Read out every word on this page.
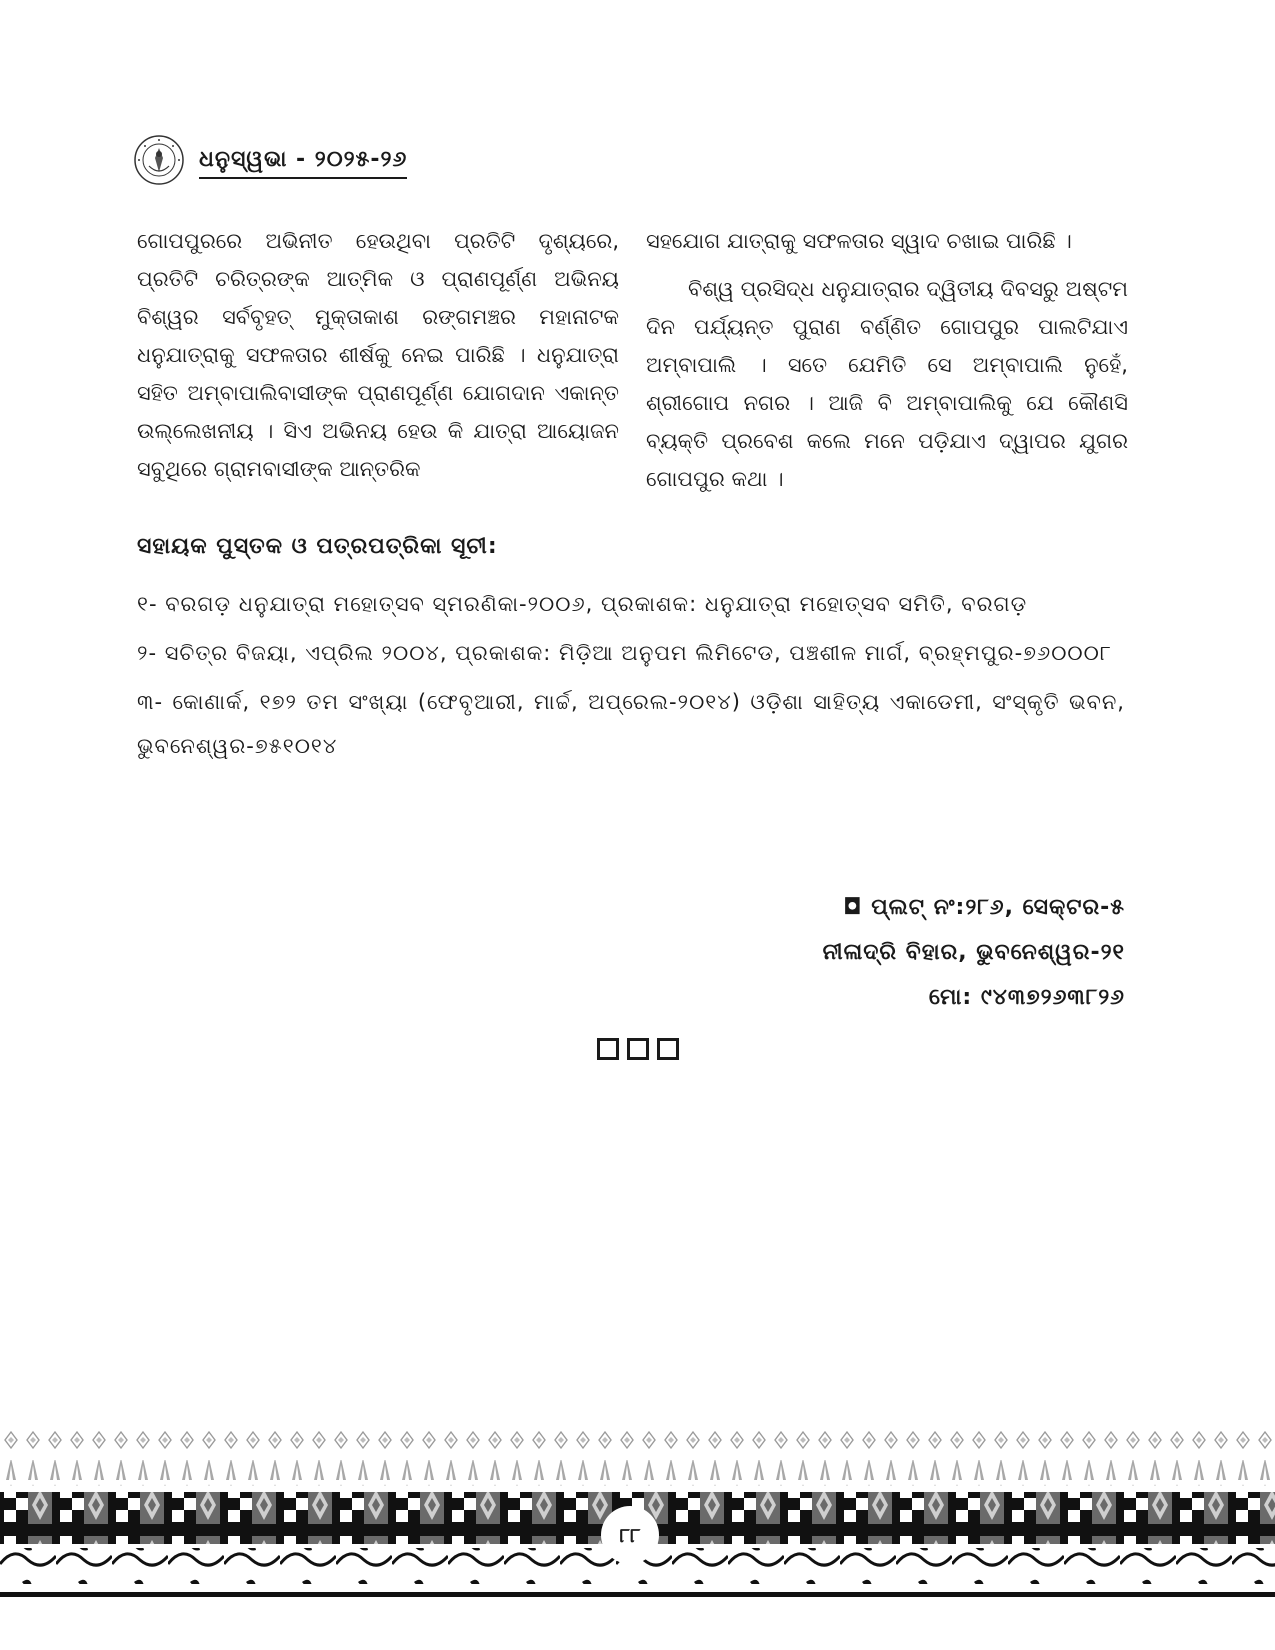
ଧନୁସ୍ୱଭା - ୨୦୨୫-୨୬

ଗୋପପୁରରେ ଅଭିନୀତ ହେଉଥିବା ପ୍ରତିଟି ଦୃଶ୍ୟରେ, ପ୍ରତିଟି ଚରିତ୍ରଙ୍କ ଆତ୍ମିକ ଓ ପ୍ରାଣପୂର୍ଣ୍ଣ ଅଭିନୟ ବିଶ୍ୱର ସର୍ବବୃହତ୍ ମୁକ୍ତାକାଶ ରଙ୍ଗମଞ୍ଚର ମହାନାଟକ ଧନୁଯାତ୍ରାକୁ ସଫଳତାର ଶୀର୍ଷକୁ ନେଇ ପାରିଛି । ଧନୁଯାତ୍ରା ସହିତ ଅମ୍ବାପାଲିବାସୀଙ୍କ ପ୍ରାଣପୂର୍ଣ୍ଣ ଯୋଗଦାନ ଏକାନ୍ତ ଉଲ୍ଲେଖନୀୟ । ସିଏ ଅଭିନୟ ହେଉ କି ଯାତ୍ରା ଆୟୋଜନ ସବୁଥିରେ ଗ୍ରାମବାସୀଙ୍କ ଆନ୍ତରିକ

ସହଯୋଗ ଯାତ୍ରାକୁ ସଫଳତାର ସ୍ୱାଦ ଚଖାଇ ପାରିଛି ।

ବିଶ୍ୱ ପ୍ରସିଦ୍ଧ ଧନୁଯାତ୍ରାର ଦ୍ୱିତୀୟ ଦିବସରୁ ଅଷ୍ଟମ ଦିନ ପର୍ଯ୍ୟନ୍ତ ପୁରାଣ ବର୍ଣ୍ଣିତ ଗୋପପୁର ପାଲଟିଯାଏ ଅମ୍ବାପାଲି । ସତେ ଯେମିତି ସେ ଅମ୍ବାପାଲି ନୁହେଁ, ଶ୍ରୀଗୋପ ନଗର । ଆଜି ବି ଅମ୍ବାପାଲିକୁ ଯେ କୌଣସି ବ୍ୟକ୍ତି ପ୍ରବେଶ କଲେ ମନେ ପଡ଼ିଯାଏ ଦ୍ୱାପର ଯୁଗର ଗୋପପୁର କଥା ।

ସହାୟକ ପୁସ୍ତକ ଓ ପତ୍ରପତ୍ରିକା ସୂଚୀ:
୧- ବରଗଡ଼ ଧନୁଯାତ୍ରା ମହୋତ୍ସବ ସ୍ମରଣିକା-୨୦୦୬, ପ୍ରକାଶକ: ଧନୁଯାତ୍ରା ମହୋତ୍ସବ ସମିତି, ବରଗଡ଼
୨- ସଚିତ୍ର ବିଜୟା, ଏପ୍ରିଲ ୨୦୦୪, ପ୍ରକାଶକ: ମିଡ଼ିଆ ଅନୁପମ ଲିମିଟେଡ, ପଞ୍ଚଶୀଳ ମାର୍ଗ, ବ୍ରହ୍ମପୁର-୭୬୦୦୦୮
୩- କୋଣାର୍କ, ୧୭୨ ତମ ସଂଖ୍ୟା (ଫେବୃଆରୀ, ମାର୍ଚ୍ଚ, ଅପ୍ରେଲ-୨୦୧୪) ଓଡ଼ିଶା ସାହିତ୍ୟ ଏକାଡେମୀ, ସଂସ୍କୃତି ଭବନ, ଭୁବନେଶ୍ୱର-୭୫୧୦୧୪
◘ ପ୍ଲଟ୍ ନଂ:୨୮୬, ସେକ୍ଟର-୫
ନୀଳାଦ୍ରି ବିହାର, ଭୁବନେଶ୍ୱର-୨୧
ମୋ: ୯୪୩୭୨୬୩୮୨୬
୮୮
